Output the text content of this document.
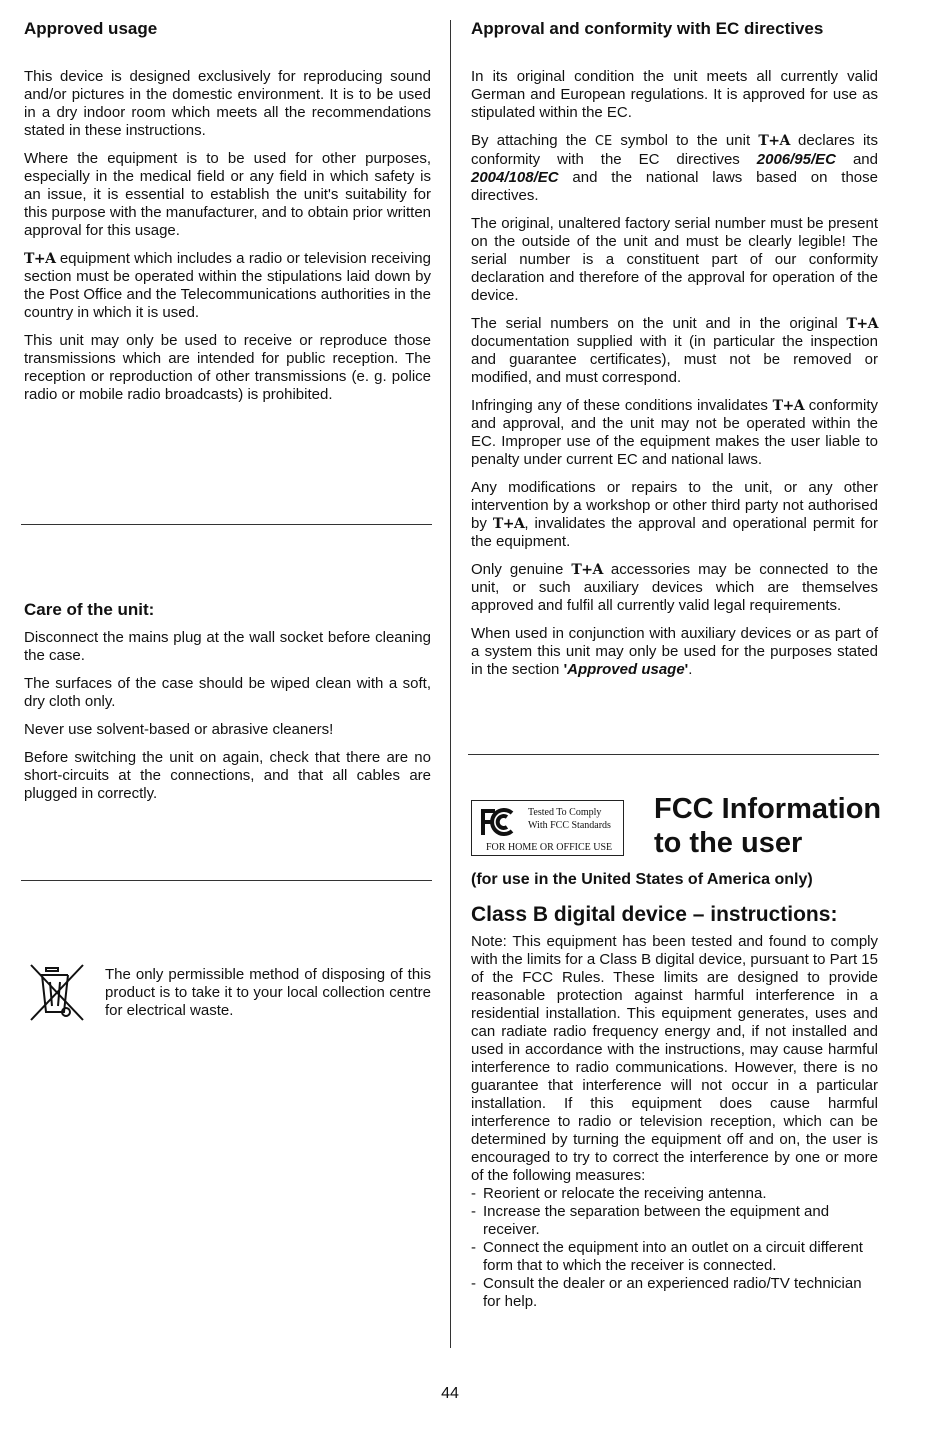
Approved usage

This device is designed exclusively for reproducing sound and/or pictures in the domestic environment. It is to be used in a dry indoor room which meets all the recommendations stated in these instructions.

Where the equipment is to be used for other purposes, especially in the medical field or any field in which safety is an issue, it is essential to establish the unit's suitability for this purpose with the manufacturer, and to obtain prior written approval for this usage.

T+A equipment which includes a radio or television receiving section must be operated within the stipulations laid down by the Post Office and the Telecommunications authorities in the country in which it is used.

This unit may only be used to receive or reproduce those transmissions which are intended for public reception. The reception or reproduction of other transmissions (e. g. police radio or mobile radio broadcasts) is prohibited.

Care of the unit:

Disconnect the mains plug at the wall socket before cleaning the case.

The surfaces of the case should be wiped clean with a soft, dry cloth only.

Never use solvent-based or abrasive cleaners!

Before switching the unit on again, check that there are no short-circuits at the connections, and that all cables are plugged in correctly.

The only permissible method of disposing of this product is to take it to your local collection centre for electrical waste.

Approval and conformity with EC directives

In its original condition the unit meets all currently valid German and European regulations. It is approved for use as stipulated within the EC.

By attaching the CE symbol to the unit T+A declares its conformity with the EC directives 2006/95/EC and 2004/108/EC and the national laws based on those directives.

The original, unaltered factory serial number must be present on the outside of the unit and must be clearly legible! The serial number is a constituent part of our conformity declaration and therefore of the approval for operation of the device.

The serial numbers on the unit and in the original T+A documentation supplied with it (in particular the inspection and guarantee certificates), must not be removed or modified, and must correspond.

Infringing any of these conditions invalidates T+A conformity and approval, and the unit may not be operated within the EC. Improper use of the equipment makes the user liable to penalty under current EC and national laws.

Any modifications or repairs to the unit, or any other intervention by a workshop or other third party not authorised by T+A, invalidates the approval and operational permit for the equipment.

Only genuine T+A accessories may be connected to the unit, or such auxiliary devices which are themselves approved and fulfil all currently valid legal requirements.

When used in conjunction with auxiliary devices or as part of a system this unit may only be used for the purposes stated in the section 'Approved usage'.

Tested To Comply
With FCC Standards
FOR HOME OR OFFICE USE
FCC Information
to the user
(for use in the United States of America only)
Class B digital device – instructions:

Note: This equipment has been tested and found to comply with the limits for a Class B digital device, pursuant to Part 15 of the FCC Rules. These limits are designed to provide reasonable protection against harmful interference in a residential installation. This equipment generates, uses and can radiate radio frequency energy and, if not installed and used in accordance with the instructions, may cause harmful interference to radio communications. However, there is no guarantee that interference will not occur in a particular installation. If this equipment does cause harmful interference to radio or television reception, which can be determined by turning the equipment off and on, the user is encouraged to try to correct the interference by one or more of the following measures:

- Reorient or relocate the receiving antenna.
- Increase the separation between the equipment and receiver.
- Connect the equipment into an outlet on a circuit different form that to which the receiver is connected.
- Consult the dealer or an experienced radio/TV technician for help.
44
